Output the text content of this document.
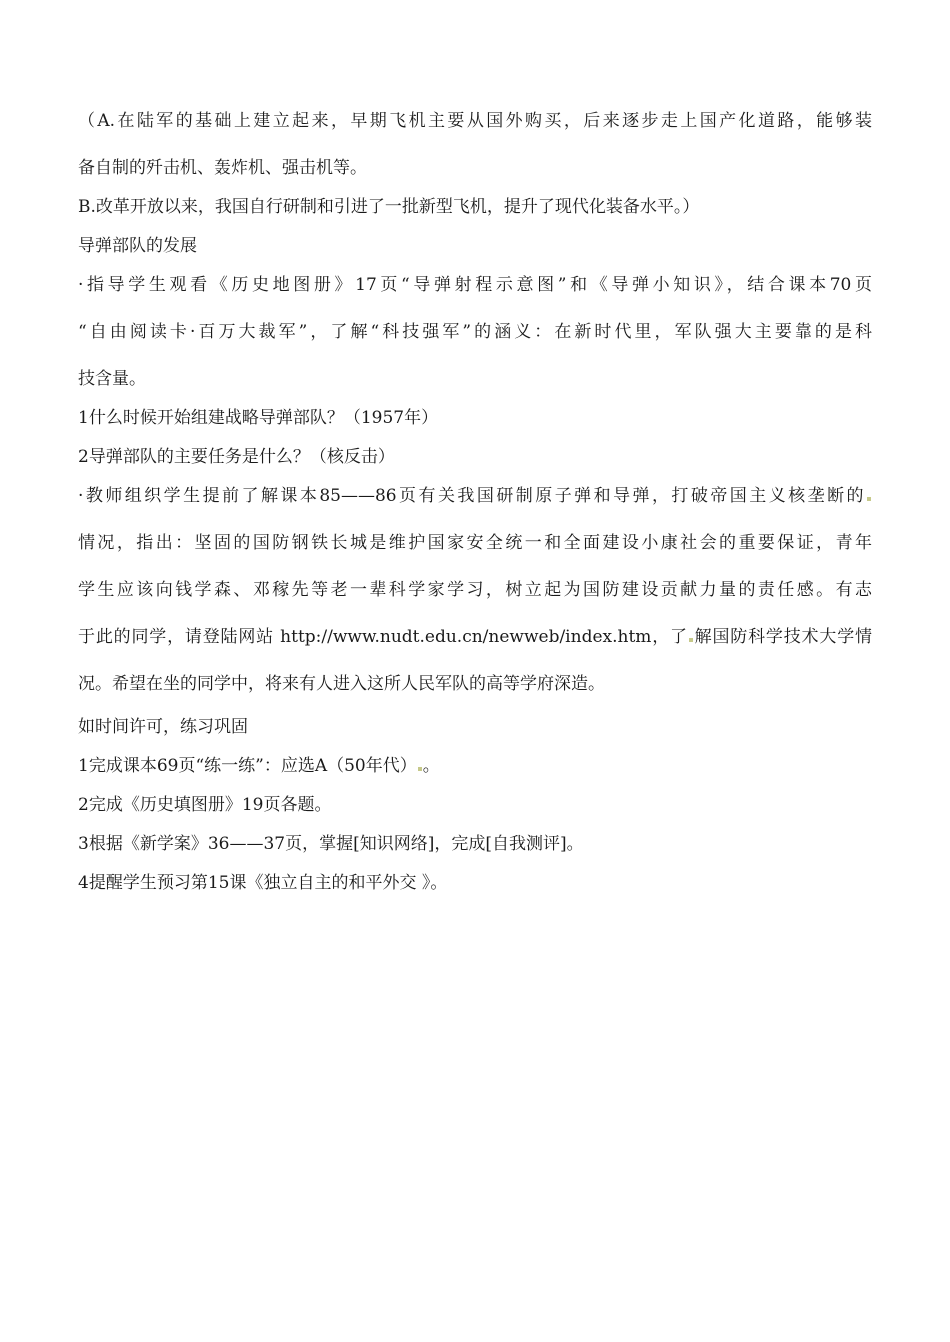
（A.在陆军的基础上建立起来，早期飞机主要从国外购买，后来逐步走上国产化道路，能够装
备自制的歼击机、轰炸机、强击机等。
B.改革开放以来，我国自行研制和引进了一批新型飞机，提升了现代化装备水平。）
导弹部队的发展
·指导学生观看《历史地图册》17页“导弹射程示意图”和《导弹小知识》，结合课本70页
“自由阅读卡·百万大裁军”，了解“科技强军”的涵义：在新时代里，军队强大主要靠的是科
技含量。
1什么时候开始组建战略导弹部队？（1957年）
2导弹部队的主要任务是什么？（核反击）
·教师组织学生提前了解课本85——86页有关我国研制原子弹和导弹，打破帝国主义核垄断的
情况，指出：坚固的国防钢铁长城是维护国家安全统一和全面建设小康社会的重要保证，青年
学生应该向钱学森、邓稼先等老一辈科学家学习，树立起为国防建设贡献力量的责任感。有志
于此的同学，请登陆网站 http://www.nudt.edu.cn/newweb/index.htm，了 解国防科学技术大学情
况。希望在坐的同学中，将来有人进入这所人民军队的高等学府深造。
如时间许可，练习巩固
1完成课本69页“练一练”：应选A（50年代） 。
2完成《历史填图册》19页各题。
3根据《新学案》36——37页，掌握[知识网络]，完成[自我测评]。
4提醒学生预习第15课《独立自主的和平外交 》。
